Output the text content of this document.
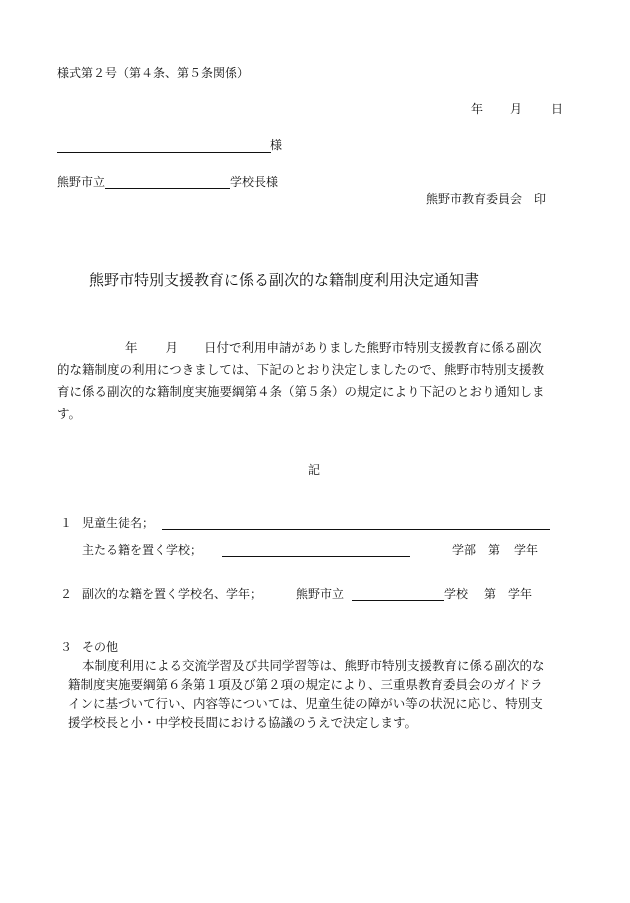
様式第２号（第４条、第５条関係）
年 月 日
様
熊野市立	学校長様
熊野市教育委員会　印
熊野市特別支援教育に係る副次的な籍制度利用決定通知書
年 月 日付で利用申請がありました熊野市特別支援教育に係る副次
的な籍制度の利用につきましては、下記のとおり決定しましたので、熊野市特別支援教
育に係る副次的な籍制度実施要綱第４条（第５条）の規定により下記のとおり通知しま
す。
記
１ 児童生徒名；
主たる籍を置く学校；	学部 第 学年
２ 副次的な籍を置く学校名、学年；	熊野市立	学校 第 学年
３ その他
本制度利用による交流学習及び共同学習等は、熊野市特別支援教育に係る副次的な
籍制度実施要綱第６条第１項及び第２項の規定により、三重県教育委員会のガイドラ
インに基づいて行い、内容等については、児童生徒の障がい等の状況に応じ、特別支
援学校長と小・中学校長間における協議のうえで決定します。
